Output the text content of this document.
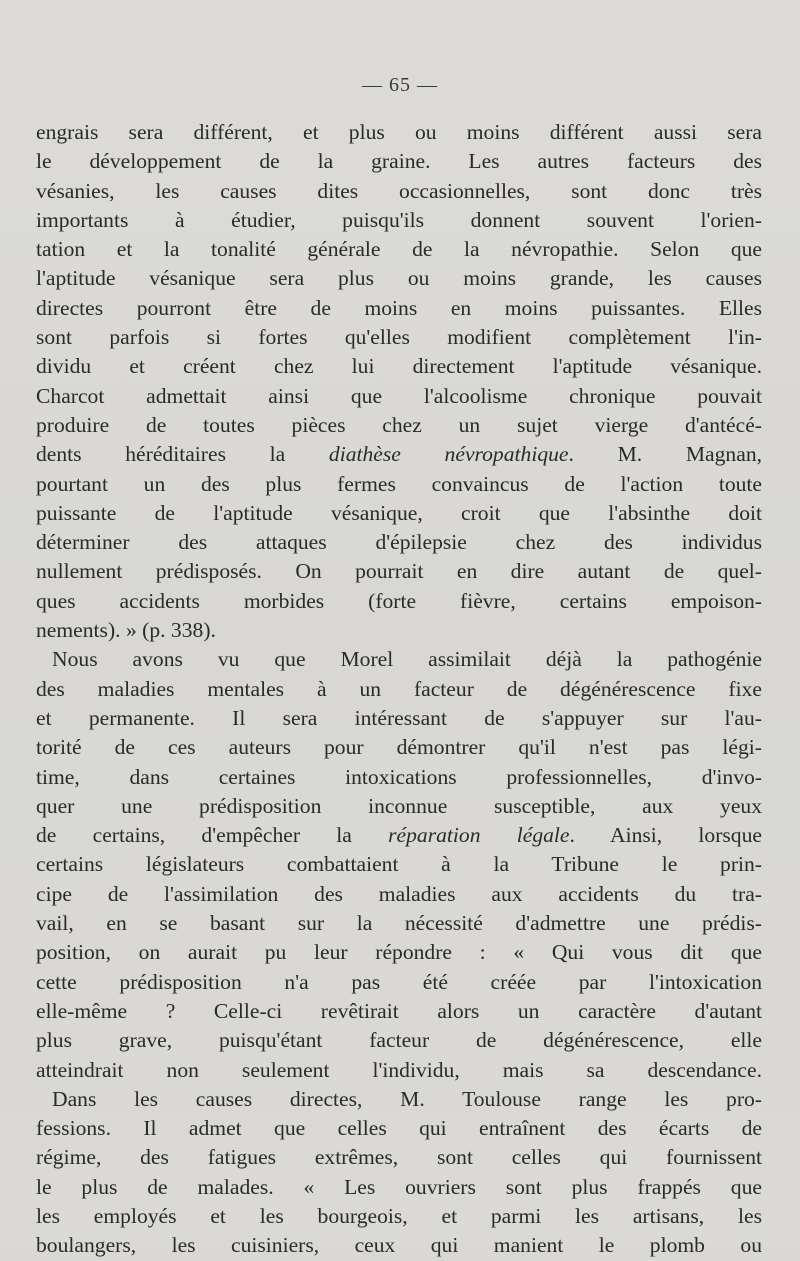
— 65 —
engrais sera différent, et plus ou moins différent aussi sera
le développement de la graine. Les autres facteurs des
vésanies, les causes dites occasionnelles, sont donc très
importants à étudier, puisqu'ils donnent souvent l'orien-
tation et la tonalité générale de la névropathie. Selon que
l'aptitude vésanique sera plus ou moins grande, les causes
directes pourront être de moins en moins puissantes. Elles
sont parfois si fortes qu'elles modifient complètement l'in-
dividu et créent chez lui directement l'aptitude vésanique.
Charcot admettait ainsi que l'alcoolisme chronique pouvait
produire de toutes pièces chez un sujet vierge d'antécé-
dents héréditaires la diathèse névropathique. M. Magnan,
pourtant un des plus fermes convaincus de l'action toute
puissante de l'aptitude vésanique, croit que l'absinthe doit
déterminer des attaques d'épilepsie chez des individus
nullement prédisposés. On pourrait en dire autant de quel-
ques accidents morbides (forte fièvre, certains empoison-
nements). » (p. 338).
Nous avons vu que Morel assimilait déjà la pathogénie
des maladies mentales à un facteur de dégénérescence fixe
et permanente. Il sera intéressant de s'appuyer sur l'au-
torité de ces auteurs pour démontrer qu'il n'est pas légi-
time, dans certaines intoxications professionnelles, d'invo-
quer une prédisposition inconnue susceptible, aux yeux
de certains, d'empêcher la réparation légale. Ainsi, lorsque
certains législateurs combattaient à la Tribune le prin-
cipe de l'assimilation des maladies aux accidents du tra-
vail, en se basant sur la nécessité d'admettre une prédis-
position, on aurait pu leur répondre : « Qui vous dit que
cette prédisposition n'a pas été créée par l'intoxication
elle-même ? Celle-ci revêtirait alors un caractère d'autant
plus grave, puisqu'étant facteur de dégénérescence, elle
atteindrait non seulement l'individu, mais sa descendance.
Dans les causes directes, M. Toulouse range les pro-
fessions. Il admet que celles qui entraînent des écarts de
régime, des fatigues extrêmes, sont celles qui fournissent
le plus de malades. « Les ouvriers sont plus frappés que
les employés et les bourgeois, et parmi les artisans, les
boulangers, les cuisiniers, ceux qui manient le plomb ou
